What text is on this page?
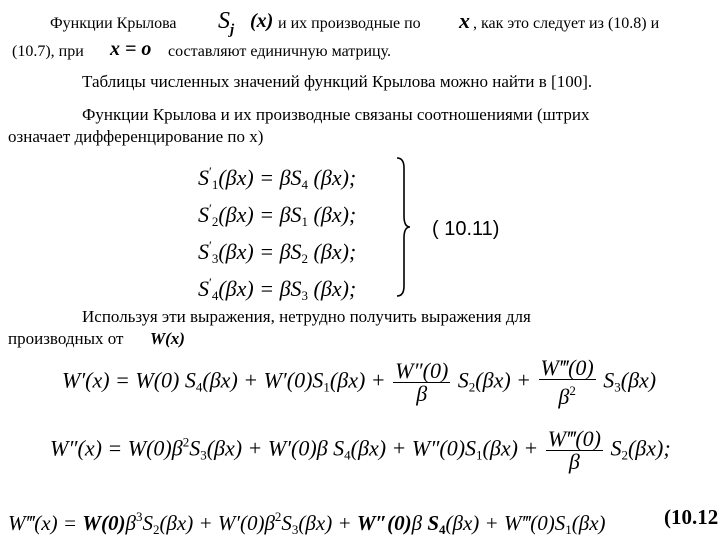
Функции Крылова $S_j$ (x) и их производные по x , как это следует из (10.8) и
(10.7), при x = o составляют единичную матрицу.
Таблицы численных значений функций Крылова можно найти в [100].
Функции Крылова и их производные связаны соотношениями (штрих
означает дифференцирование по x)
$S'_1(\beta x) = \beta S_4$ (βx);
$S'_2(\beta x) = \beta S_1$ (βx);
$S'_3(\beta x) = \beta S_2$ (βx);
$S'_4(\beta x) = \beta S_3$ (βx);
( 10.11)
Используя эти выражения, нетрудно получить выражения для
производных от W(x)
W′(x) = W(0) $S_4(\beta x) + W'(0)S_1(\beta x) + \frac{W''(0)}{\beta} S_2(\beta x) + \frac{W‴(0)}{\beta^2} S_3(\beta x)$
$W''(x) = W(0)\beta^2S_3(\beta x) + W'(0)\beta$ $S_4(\beta x) + W''(0)S_1(\beta x) + \frac{W‴(0)}{\beta} S_2(\beta x)$;
W‴(x) = $W(0)\beta^3S_2(\beta x) + W'(0)\beta^2S_3(\beta x) + W''(0)\beta$ $S_4(\beta x)$ + $W‴(0)S_1(\beta x)$	(10.12
